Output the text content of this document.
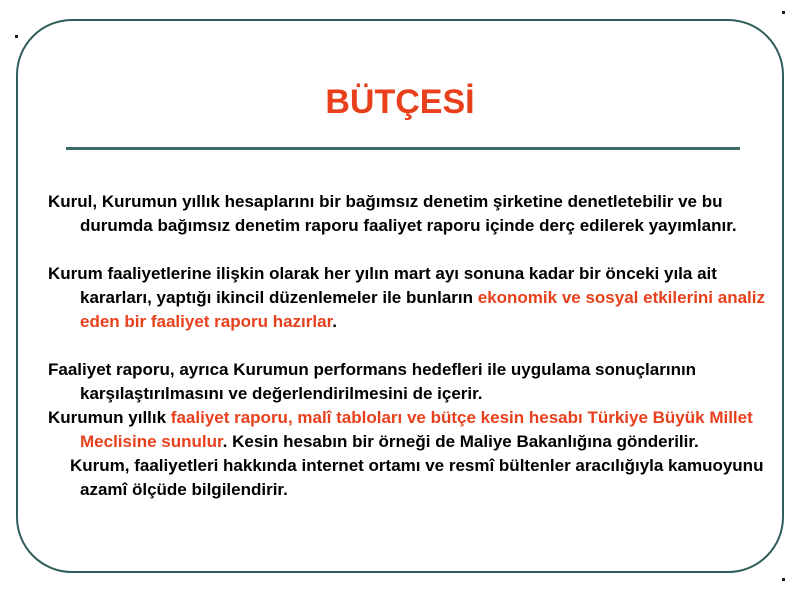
BÜTÇESİ

Kurul, Kurumun yıllık hesaplarını bir bağımsız denetim şirketine denetletebilir ve bu durumda bağımsız denetim raporu faaliyet raporu içinde derç edilerek yayımlanır.

Kurum faaliyetlerine ilişkin olarak her yılın mart ayı sonuna kadar bir önceki yıla ait kararları, yaptığı ikincil düzenlemeler ile bunların ekonomik ve sosyal etkilerini analiz eden bir faaliyet raporu hazırlar.

Faaliyet raporu, ayrıca Kurumun performans hedefleri ile uygulama sonuçlarının karşılaştırılmasını ve değerlendirilmesini de içerir.

Kurumun yıllık faaliyet raporu, malî tabloları ve bütçe kesin hesabı Türkiye Büyük Millet Meclisine sunulur. Kesin hesabın bir örneği de Maliye Bakanlığına gönderilir.

Kurum, faaliyetleri hakkında internet ortamı ve resmî bültenler aracılığıyla kamuoyunu azamî ölçüde bilgilendirir.
